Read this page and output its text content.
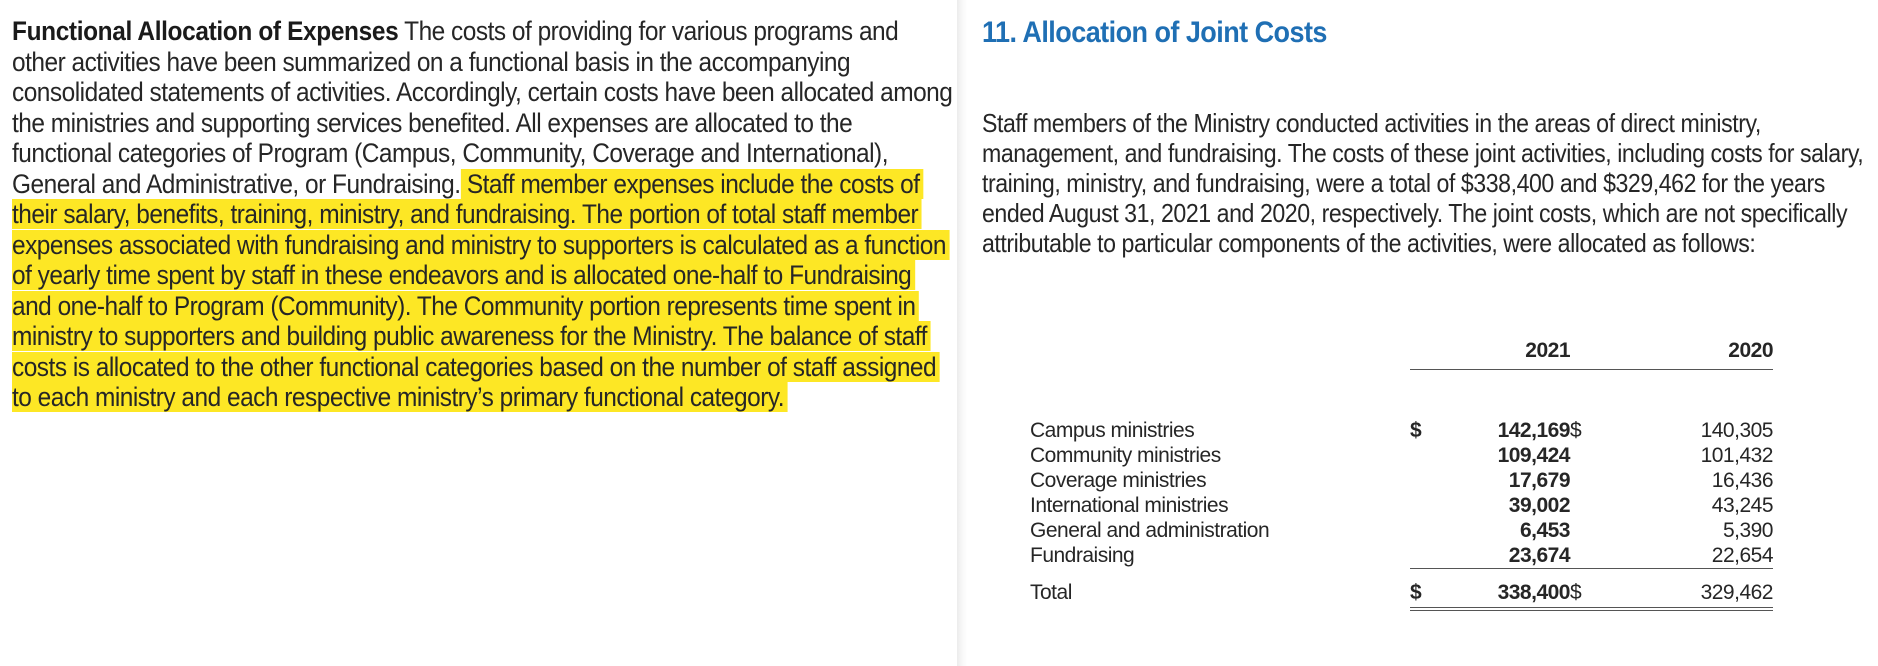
Functional Allocation of Expenses The costs of providing for various programs and other activities have been summarized on a functional basis in the accompanying consolidated statements of activities. Accordingly, certain costs have been allocated among the ministries and supporting services benefited. All expenses are allocated to the functional categories of Program (Campus, Community, Coverage and International), General and Administrative, or Fundraising. Staff member expenses include the costs of their salary, benefits, training, ministry, and fundraising. The portion of total staff member expenses associated with fundraising and ministry to supporters is calculated as a function of yearly time spent by staff in these endeavors and is allocated one-half to Fundraising and one-half to Program (Community). The Community portion represents time spent in ministry to supporters and building public awareness for the Ministry. The balance of staff costs is allocated to the other functional categories based on the number of staff assigned to each ministry and each respective ministry’s primary functional category.

11. Allocation of Joint Costs

Staff members of the Ministry conducted activities in the areas of direct ministry, management, and fundraising. The costs of these joint activities, including costs for salary, training, ministry, and fundraising, were a total of $338,400 and $329,462 for the years ended August 31, 2021 and 2020, respectively. The joint costs, which are not specifically attributable to particular components of the activities, were allocated as follows:

	2021	2020

Campus ministries	$ 142,169	$ 140,305
Community ministries	109,424	101,432
Coverage ministries	17,679	16,436
International ministries	39,002	43,245
General and administration	6,453	5,390
Fundraising	23,674	22,654
Total	$ 338,400	$ 329,462
